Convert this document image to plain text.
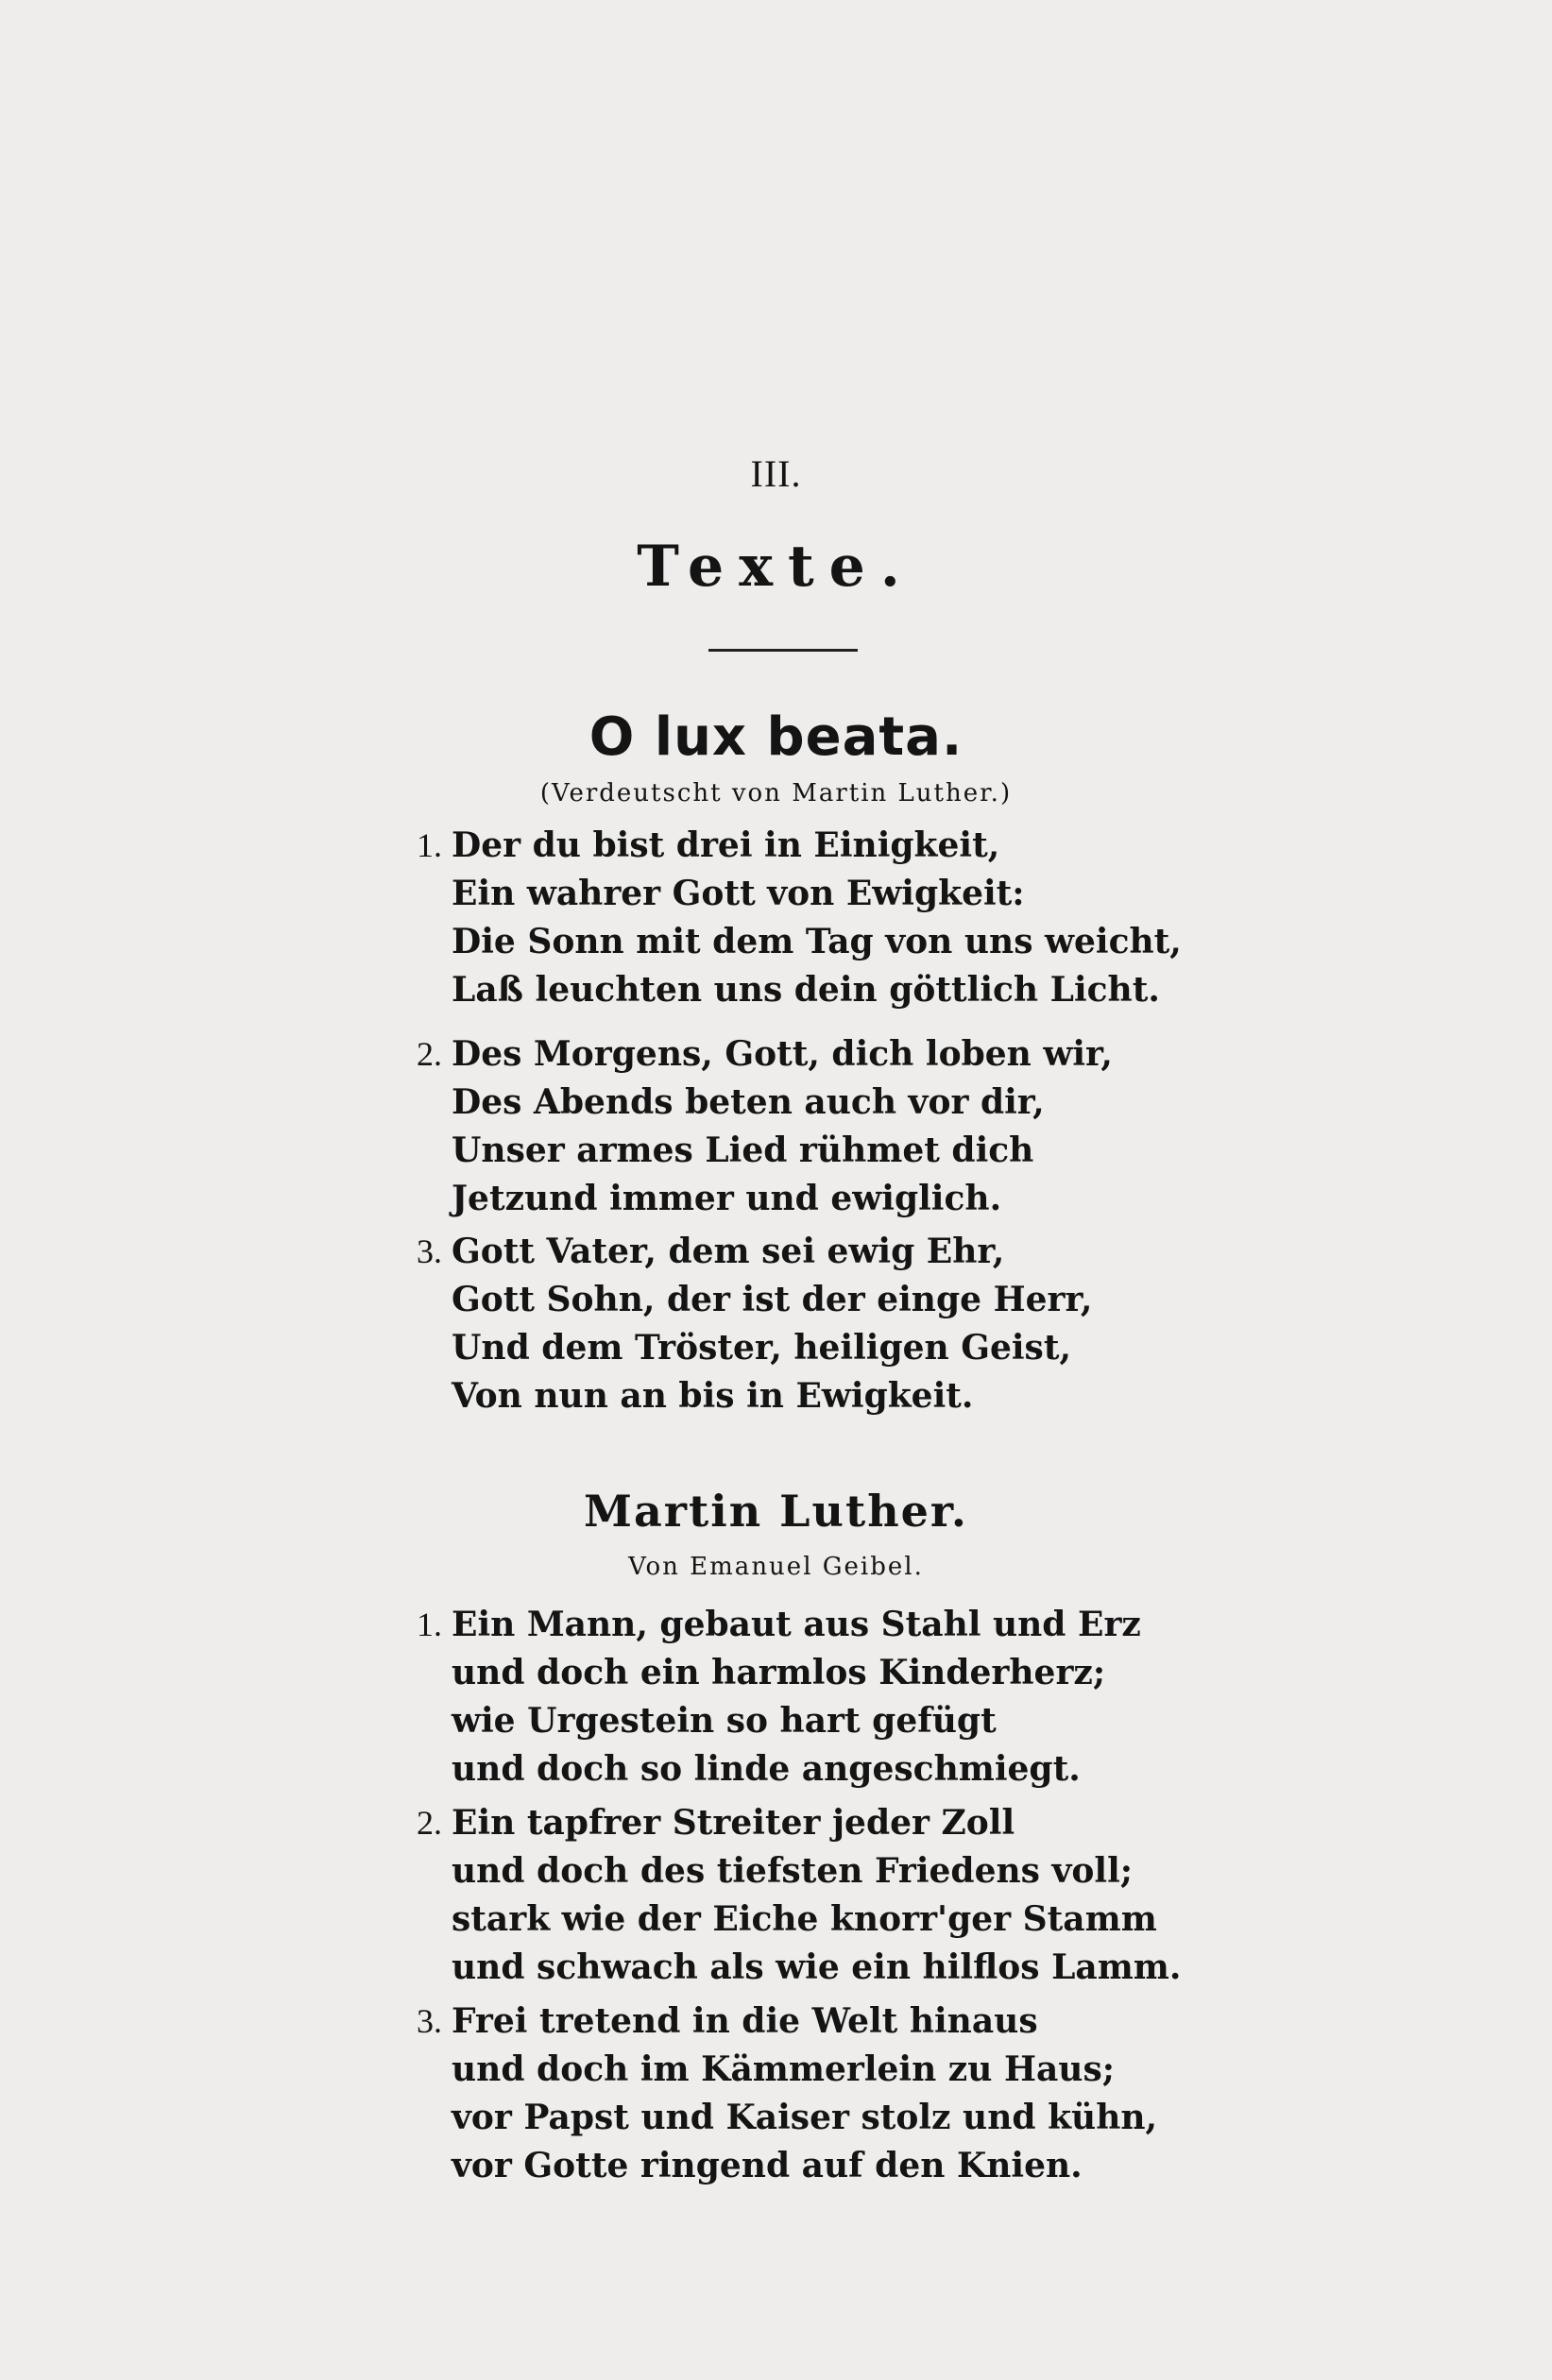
III.
Texte.
O lux beata.
(Verdeutscht von Martin Luther.)
1. Der du bist drei in Einigkeit,
Ein wahrer Gott von Ewigkeit:
Die Sonn mit dem Tag von uns weicht,
Laß leuchten uns dein göttlich Licht.
2. Des Morgens, Gott, dich loben wir,
Des Abends beten auch vor dir,
Unser armes Lied rühmet dich
Jetzund immer und ewiglich.
3. Gott Vater, dem sei ewig Ehr,
Gott Sohn, der ist der einge Herr,
Und dem Tröster, heiligen Geist,
Von nun an bis in Ewigkeit.
Martin Luther.
Von Emanuel Geibel.
1. Ein Mann, gebaut aus Stahl und Erz
und doch ein harmlos Kinderherz;
wie Urgestein so hart gefügt
und doch so linde angeschmiegt.
2. Ein tapfrer Streiter jeder Zoll
und doch des tiefsten Friedens voll;
stark wie der Eiche knorr'ger Stamm
und schwach als wie ein hilflos Lamm.
3. Frei tretend in die Welt hinaus
und doch im Kämmerlein zu Haus;
vor Papst und Kaiser stolz und kühn,
vor Gotte ringend auf den Knien.
